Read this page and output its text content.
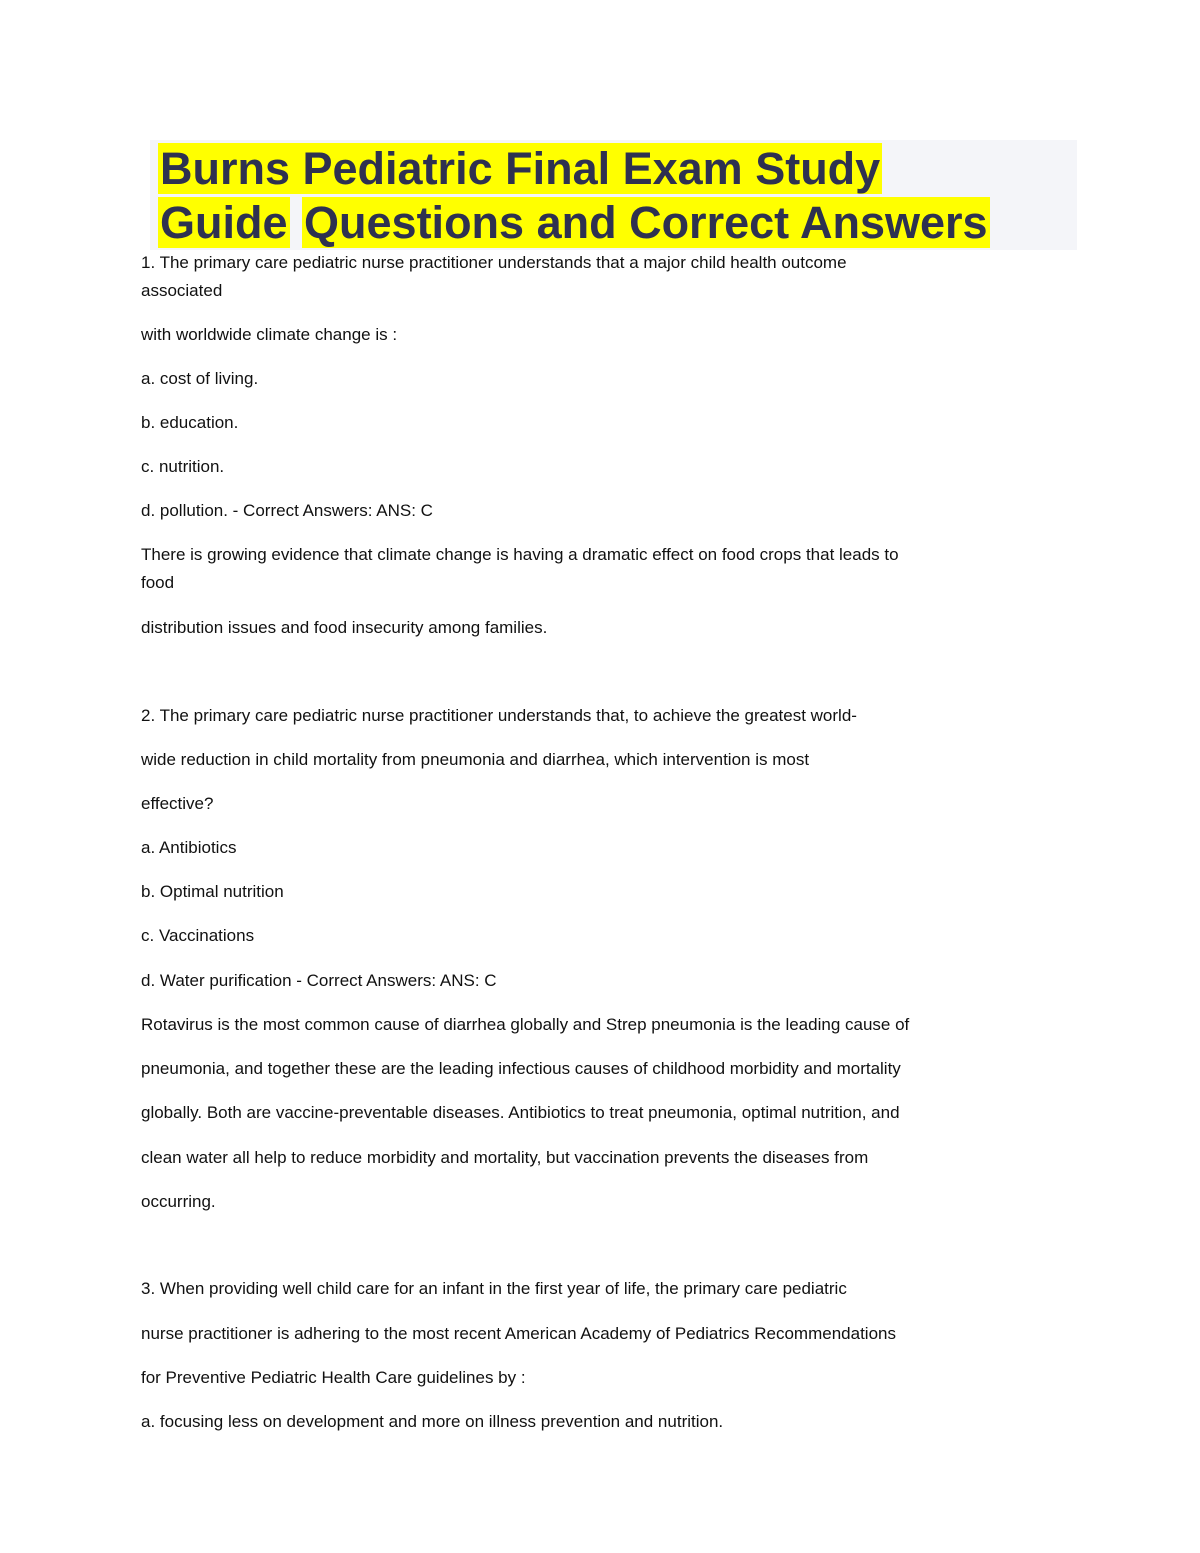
Burns Pediatric Final Exam Study
Guide Questions and Correct Answers
1. The primary care pediatric nurse practitioner understands that a major child health outcome
associated
with worldwide climate change is :
a. cost of living.
b. education.
c. nutrition.
d. pollution. - Correct Answers: ANS: C
There is growing evidence that climate change is having a dramatic effect on food crops that leads to
food
distribution issues and food insecurity among families.
2. The primary care pediatric nurse practitioner understands that, to achieve the greatest world-
wide reduction in child mortality from pneumonia and diarrhea, which intervention is most
effective?
a. Antibiotics
b. Optimal nutrition
c. Vaccinations
d. Water purification - Correct Answers: ANS: C
Rotavirus is the most common cause of diarrhea globally and Strep pneumonia is the leading cause of
pneumonia, and together these are the leading infectious causes of childhood morbidity and mortality
globally. Both are vaccine-preventable diseases. Antibiotics to treat pneumonia, optimal nutrition, and
clean water all help to reduce morbidity and mortality, but vaccination prevents the diseases from
occurring.
3. When providing well child care for an infant in the first year of life, the primary care pediatric
nurse practitioner is adhering to the most recent American Academy of Pediatrics Recommendations
for Preventive Pediatric Health Care guidelines by :
a. focusing less on development and more on illness prevention and nutrition.
